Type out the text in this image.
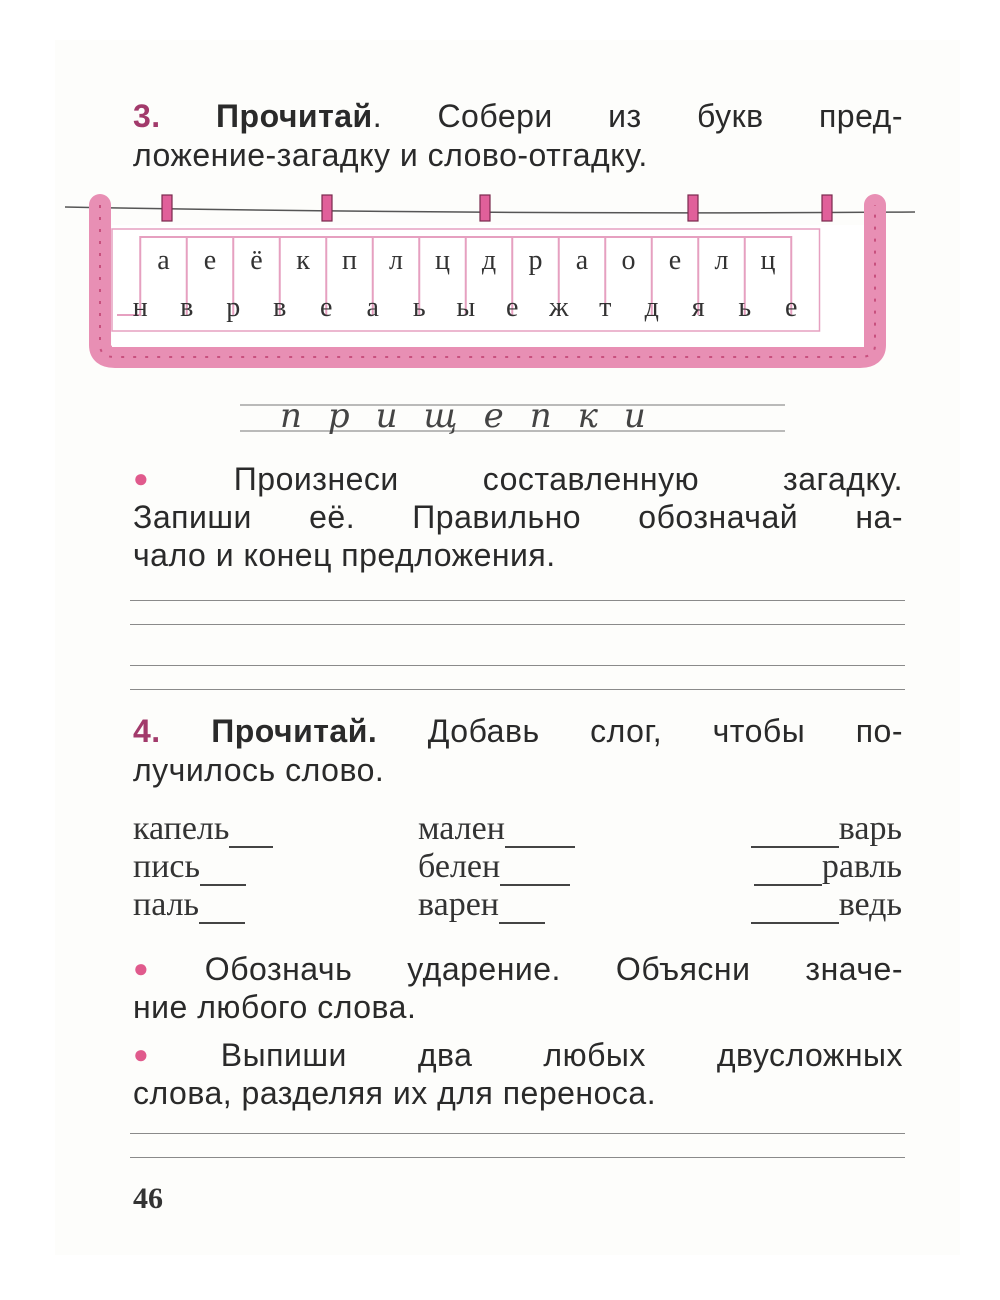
3. Прочитай. Собери из букв пред-
ложение-загадку и слово-отгадку.
а е ё к п л ц д р а о е л ц
н в р в е а ь ы е ж т д я ь е
прищепки
● Произнеси составленную загадку.
Запиши её. Правильно обозначай на-
чало и конец предложения.
4. Прочитай. Добавь слог, чтобы по-
лучилось слово.
капель
пись
паль
мален
белен
варен
варь
равль
ведь
● Обозначь ударение. Объясни значе-
ние любого слова.
● Выпиши два любых двусложных
слова, разделяя их для переноса.
46
